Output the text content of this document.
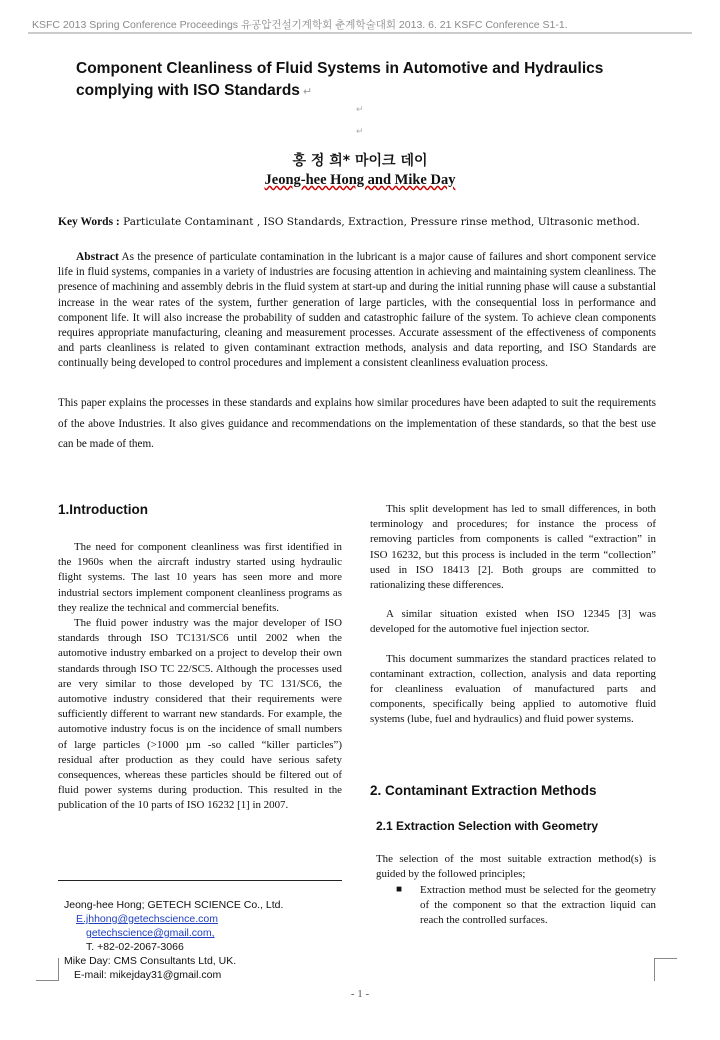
KSFC 2013 Spring Conference Proceedings 유공압건설기계학회 춘계학술대회 2013. 6. 21 KSFC Conference S1-1.
Component Cleanliness of Fluid Systems in Automotive and Hydraulics complying with ISO Standards ↵
↵
↵
홍 정 희* 마이크 데이
Jeong-hee Hong and Mike Day
Key Words : Particulate Contaminant , ISO Standards, Extraction, Pressure rinse method, Ultrasonic method.
Abstract As the presence of particulate contamination in the lubricant is a major cause of failures and short component service life in fluid systems, companies in a variety of industries are focusing attention in achieving and maintaining system cleanliness. The presence of machining and assembly debris in the fluid system at start-up and during the initial running phase will cause a substantial increase in the wear rates of the system, further generation of large particles, with the consequential loss in performance and component life. It will also increase the probability of sudden and catastrophic failure of the system. To achieve clean components requires appropriate manufacturing, cleaning and measurement processes. Accurate assessment of the effectiveness of components and parts cleanliness is related to given contaminant extraction methods, analysis and data reporting, and ISO Standards are continually being developed to control procedures and implement a consistent cleanliness evaluation process.
This paper explains the processes in these standards and explains how similar procedures have been adapted to suit the requirements of the above Industries. It also gives guidance and recommendations on the implementation of these standards, so that the best use can be made of them.
1.Introduction

The need for component cleanliness was first identified in the 1960s when the aircraft industry started using hydraulic flight systems. The last 10 years has seen more and more industrial sectors implement component cleanliness programs as they realize the technical and commercial benefits.

The fluid power industry was the major developer of ISO standards through ISO TC131/SC6 until 2002 when the automotive industry embarked on a project to develop their own standards through ISO TC 22/SC5. Although the processes used are very similar to those developed by TC 131/SC6, the automotive industry considered that their requirements were sufficiently different to warrant new standards. For example, the automotive industry focus is on the incidence of small numbers of large particles (>1000 µm -so called “killer particles”) residual after production as they could have serious safety consequences, whereas these particles should be filtered out of fluid power systems during production. This resulted in the publication of the 10 parts of ISO 16232 [1] in 2007.

This split development has led to small differences, in both terminology and procedures; for instance the process of removing particles from components is called “extraction” in ISO 16232, but this process is included in the term “collection” used in ISO 18413 [2]. Both groups are committed to rationalizing these differences.

A similar situation existed when ISO 12345 [3] was developed for the automotive fuel injection sector.

This document summarizes the standard practices related to contaminant extraction, collection, analysis and data reporting for cleanliness evaluation of manufactured parts and components, specifically being applied to automotive fluid systems (lube, fuel and hydraulics) and fluid power systems.

2. Contaminant Extraction Methods
2.1 Extraction Selection with Geometry
The selection of the most suitable extraction method(s) is guided by the followed principles;
■ Extraction method must be selected for the geometry of the component so that the extraction liquid can reach the controlled surfaces.
Jeong-hee Hong; GETECH SCIENCE Co., Ltd.
E.jhhong@getechscience.com
getechscience@gmail.com,
T. +82-02-2067-3066
Mike Day: CMS Consultants Ltd, UK.
E-mail: mikejday31@gmail.com
- 1 -
